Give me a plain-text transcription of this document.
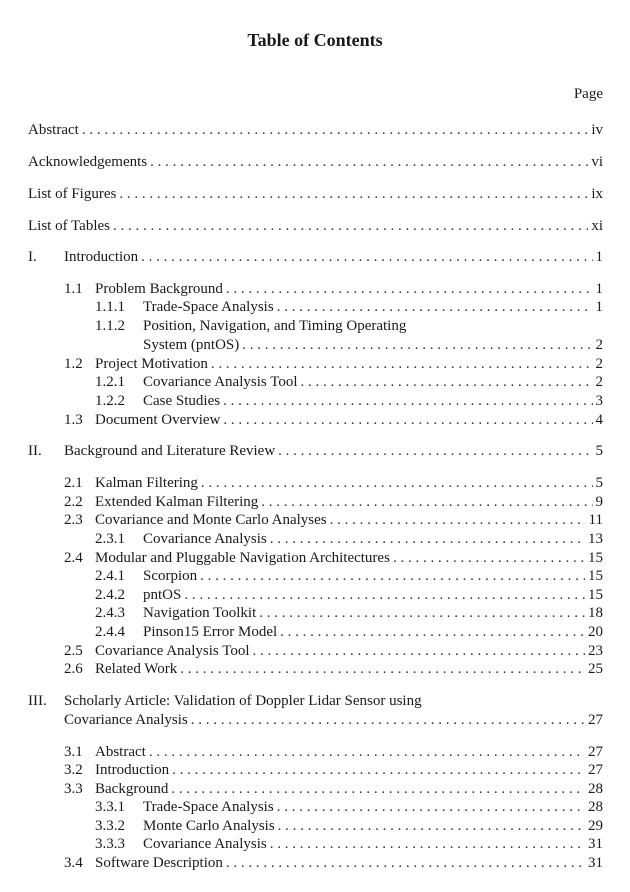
Table of Contents
Page
Abstract . . .	iv
Acknowledgements . . .	vi
List of Figures . . .	ix
List of Tables . . .	xi
I. Introduction . . .	1
1.1 Problem Background . . .	1
1.1.1 Trade-Space Analysis . . .	1
1.1.2 Position, Navigation, and Timing Operating
System (pntOS) . . .	2
1.2 Project Motivation . . .	2
1.2.1 Covariance Analysis Tool . . .	2
1.2.2 Case Studies . . .	3
1.3 Document Overview . . .	4
II. Background and Literature Review . . .	5
2.1 Kalman Filtering . . .	5
2.2 Extended Kalman Filtering . . .	9
2.3 Covariance and Monte Carlo Analyses . . .	11
2.3.1 Covariance Analysis . . .	13
2.4 Modular and Pluggable Navigation Architectures . . .	15
2.4.1 Scorpion . . .	15
2.4.2 pntOS . . .	15
2.4.3 Navigation Toolkit . . .	18
2.4.4 Pinson15 Error Model . . .	20
2.5 Covariance Analysis Tool . . .	23
2.6 Related Work . . .	25
III. Scholarly Article: Validation of Doppler Lidar Sensor using
Covariance Analysis . . .	27
3.1 Abstract . . .	27
3.2 Introduction . . .	27
3.3 Background . . .	28
3.3.1 Trade-Space Analysis . . .	28
3.3.2 Monte Carlo Analysis . . .	29
3.3.3 Covariance Analysis . . .	31
3.4 Software Description . . .	31
